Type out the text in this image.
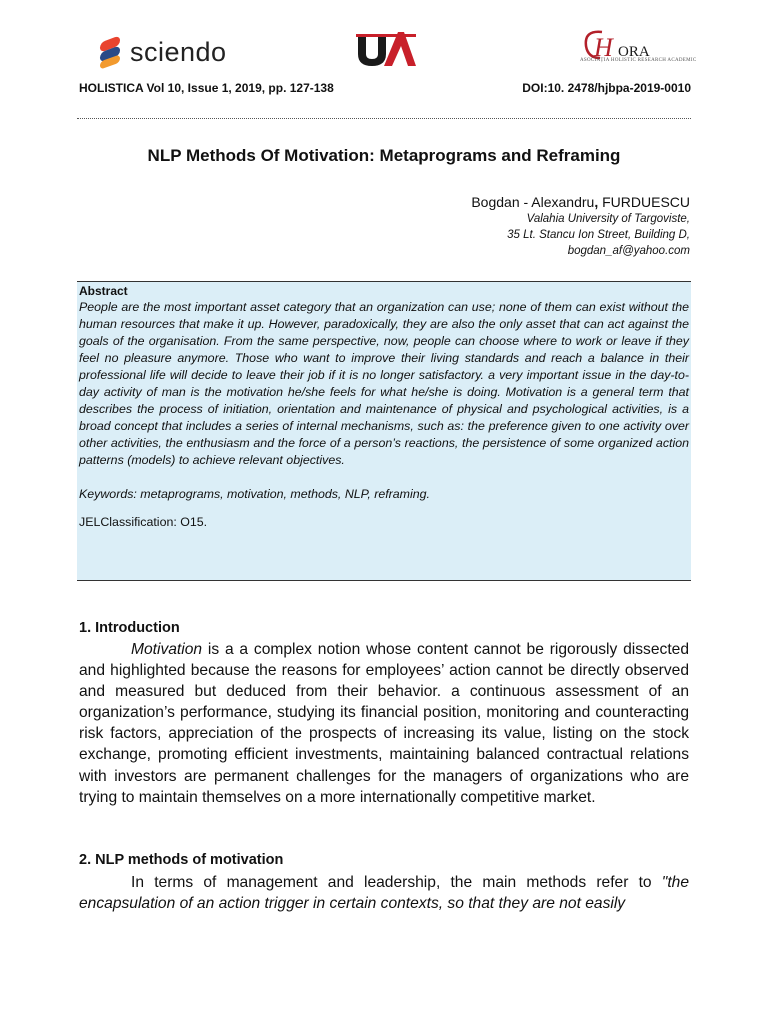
sciendo	H ORA
ASOCIAȚIA HOLISTIC RESEARCH ACADEMIC
HOLISTICA Vol 10, Issue 1, 2019, pp. 127-138	DOI:10. 2478/hjbpa-2019-0010
NLP Methods Of Motivation: Metaprograms and Reframing
Bogdan - Alexandru, FURDUESCU
Valahia University of Targoviste,
35 Lt. Stancu Ion Street, Building D,
bogdan_af@yahoo.com
Abstract
People are the most important asset category that an organization can use; none of them can exist without the human resources that make it up. However, paradoxically, they are also the only asset that can act against the goals of the organisation. From the same perspective, now, people can choose where to work or leave if they feel no pleasure anymore. Those who want to improve their living standards and reach a balance in their professional life will decide to leave their job if it is no longer satisfactory. a very important issue in the day-to-day activity of man is the motivation he/she feels for what he/she is doing. Motivation is a general term that describes the process of initiation, orientation and maintenance of physical and psychological activities, is a broad concept that includes a series of internal mechanisms, such as: the preference given to one activity over other activities, the enthusiasm and the force of a person’s reactions, the persistence of some organized action patterns (models) to achieve relevant objectives.
Keywords: metaprograms, motivation, methods, NLP, reframing.
JELClassification: O15.
1. Introduction
Motivation is a a complex notion whose content cannot be rigorously dissected and highlighted because the reasons for employees’ action cannot be directly observed and measured but deduced from their behavior. a continuous assessment of an organization’s performance, studying its financial position, monitoring and counteracting risk factors, appreciation of the prospects of increasing its value, listing on the stock exchange, promoting efficient investments, maintaining balanced contractual relations with investors are permanent challenges for the managers of organizations who are trying to maintain themselves on a more internationally competitive market.
2. NLP methods of motivation
In terms of management and leadership, the main methods refer to "the encapsulation of an action trigger in certain contexts, so that they are not easily
